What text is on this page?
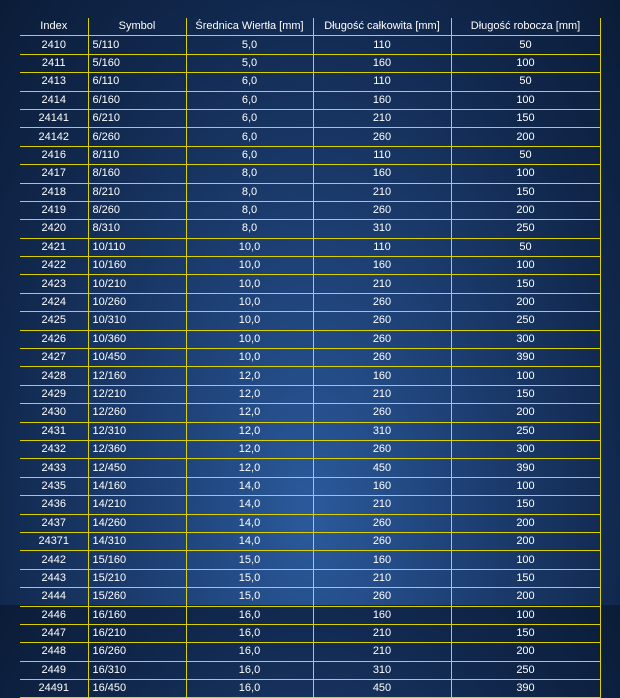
Index	Symbol	Średnica Wiertła [mm]	Długość całkowita [mm]	Długość robocza [mm]
2410	5/110	5,0	110	50
2411	5/160	5,0	160	100
2413	6/110	6,0	110	50
2414	6/160	6,0	160	100
24141	6/210	6,0	210	150
24142	6/260	6,0	260	200
2416	8/110	6,0	110	50
2417	8/160	8,0	160	100
2418	8/210	8,0	210	150
2419	8/260	8,0	260	200
2420	8/310	8,0	310	250
2421	10/110	10,0	110	50
2422	10/160	10,0	160	100
2423	10/210	10,0	210	150
2424	10/260	10,0	260	200
2425	10/310	10,0	260	250
2426	10/360	10,0	260	300
2427	10/450	10,0	260	390
2428	12/160	12,0	160	100
2429	12/210	12,0	210	150
2430	12/260	12,0	260	200
2431	12/310	12,0	310	250
2432	12/360	12,0	260	300
2433	12/450	12,0	450	390
2435	14/160	14,0	160	100
2436	14/210	14,0	210	150
2437	14/260	14,0	260	200
24371	14/310	14,0	260	200
2442	15/160	15,0	160	100
2443	15/210	15,0	210	150
2444	15/260	15,0	260	200
2446	16/160	16,0	160	100
2447	16/210	16,0	210	150
2448	16/260	16,0	210	200
2449	16/310	16,0	310	250
24491	16/450	16,0	450	390
